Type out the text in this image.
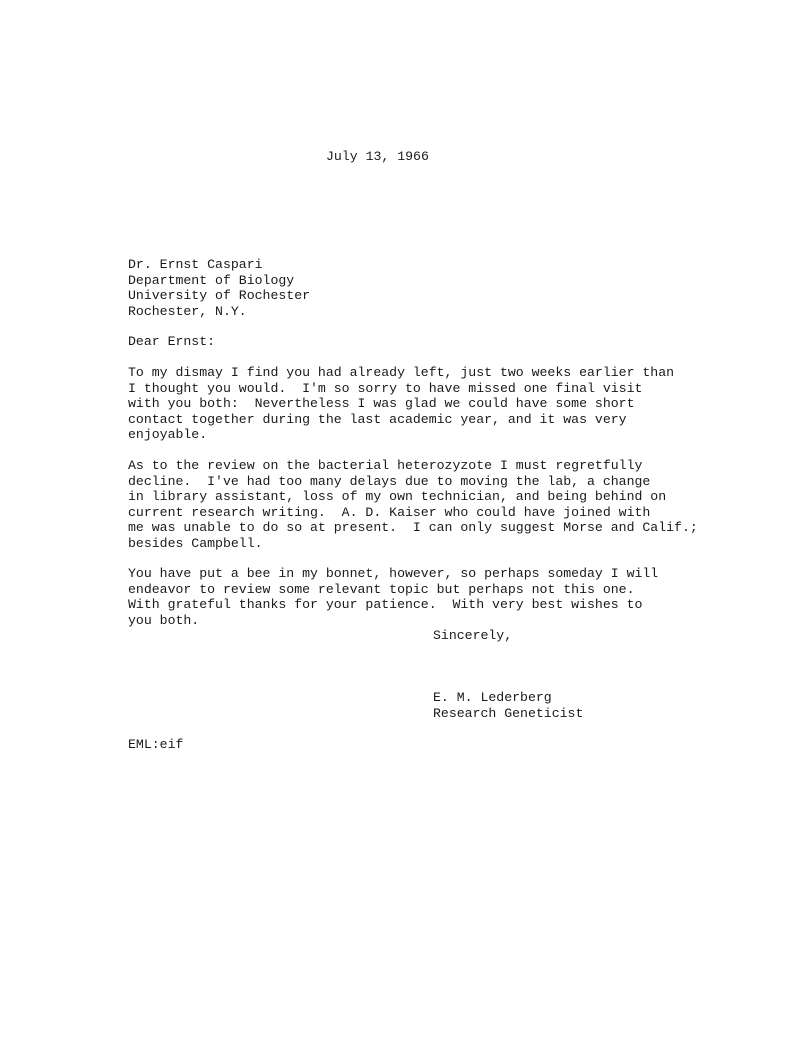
July 13, 1966
Dr. Ernst Caspari
Department of Biology
University of Rochester
Rochester, N.Y.
Dear Ernst:
To my dismay I find you had already left, just two weeks earlier than
I thought you would.  I'm so sorry to have missed one final visit
with you both:  Nevertheless I was glad we could have some short
contact together during the last academic year, and it was very
enjoyable.
As to the review on the bacterial heterozyzote I must regretfully
decline.  I've had too many delays due to moving the lab, a change
in library assistant, loss of my own technician, and being behind on
current research writing.  A. D. Kaiser who could have joined with
me was unable to do so at present.  I can only suggest Morse and Calif.;
besides Campbell.
You have put a bee in my bonnet, however, so perhaps someday I will
endeavor to review some relevant topic but perhaps not this one.
With grateful thanks for your patience.  With very best wishes to
you both.
Sincerely,
E. M. Lederberg
Research Geneticist
EML:eif
